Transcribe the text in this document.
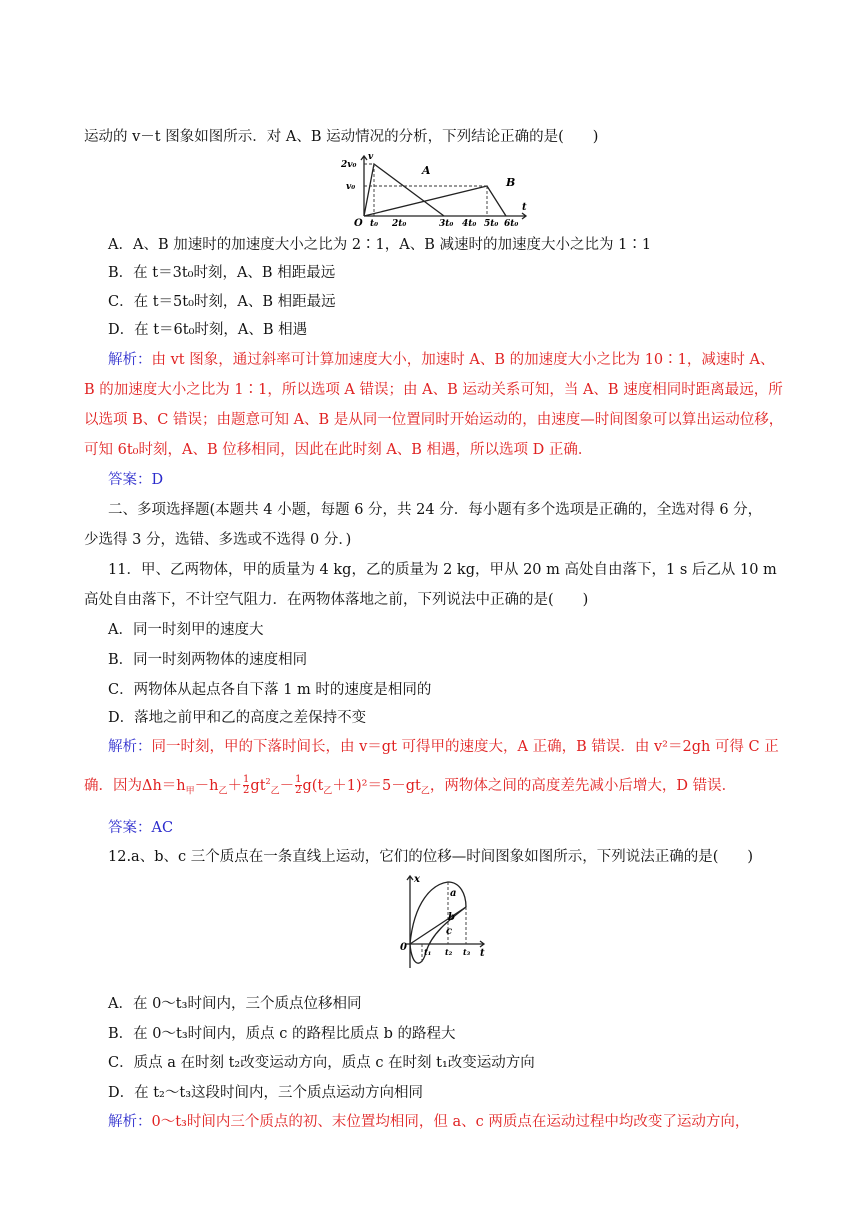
运动的 v－t 图象如图所示．对 A、B 运动情况的分析，下列结论正确的是(　　)
2v₀
v₀
v
t
O t₀ 2t₀	3t₀ 4t₀ 5t₀ 6t₀
A
B
A．A、B 加速时的加速度大小之比为 2∶1，A、B 减速时的加速度大小之比为 1∶1
B．在 t＝3t₀时刻，A、B 相距最远
C．在 t＝5t₀时刻，A、B 相距最远
D．在 t＝6t₀时刻，A、B 相遇
解析：由 vt 图象，通过斜率可计算加速度大小，加速时 A、B 的加速度大小之比为 10∶1，减速时 A、
B 的加速度大小之比为 1∶1，所以选项 A 错误；由 A、B 运动关系可知，当 A、B 速度相同时距离最远，所
以选项 B、C 错误；由题意可知 A、B 是从同一位置同时开始运动的，由速度—时间图象可以算出运动位移，
可知 6t₀时刻，A、B 位移相同，因此在此时刻 A、B 相遇，所以选项 D 正确．
答案：D
二、多项选择题(本题共 4 小题，每题 6 分，共 24 分．每小题有多个选项是正确的，全选对得 6 分，
少选得 3 分，选错、多选或不选得 0 分．)
11．甲、乙两物体，甲的质量为 4 kg，乙的质量为 2 kg，甲从 20 m 高处自由落下，1 s 后乙从 10 m
高处自由落下，不计空气阻力．在两物体落地之前，下列说法中正确的是(　　)
A．同一时刻甲的速度大
B．同一时刻两物体的速度相同
C．两物体从起点各自下落 1 m 时的速度是相同的
D．落地之前甲和乙的高度之差保持不变
解析：同一时刻，甲的下落时间长，由 v＝gt 可得甲的速度大，A 正确，B 错误．由 v²＝2gh 可得 C 正
确．因为$\Delta h=h_甲-h_乙+ \frac{1}{2} gt^2_乙- \frac{1}{2} g(t_乙+1)^2=5-gt_乙$，两物体之间的高度差先减小后增大，D 错误．
答案：AC
12.a、b、c 三个质点在一条直线上运动，它们的位移—时间图象如图所示，下列说法正确的是(　　)
x
t
0 t₁ t₂ t₃
a
b
c
A．在 0～t₃时间内，三个质点位移相同
B．在 0～t₃时间内，质点 c 的路程比质点 b 的路程大
C．质点 a 在时刻 t₂改变运动方向，质点 c 在时刻 t₁改变运动方向
D．在 t₂～t₃这段时间内，三个质点运动方向相同
解析：0～t₃时间内三个质点的初、末位置均相同，但 a、c 两质点在运动过程中均改变了运动方向，
